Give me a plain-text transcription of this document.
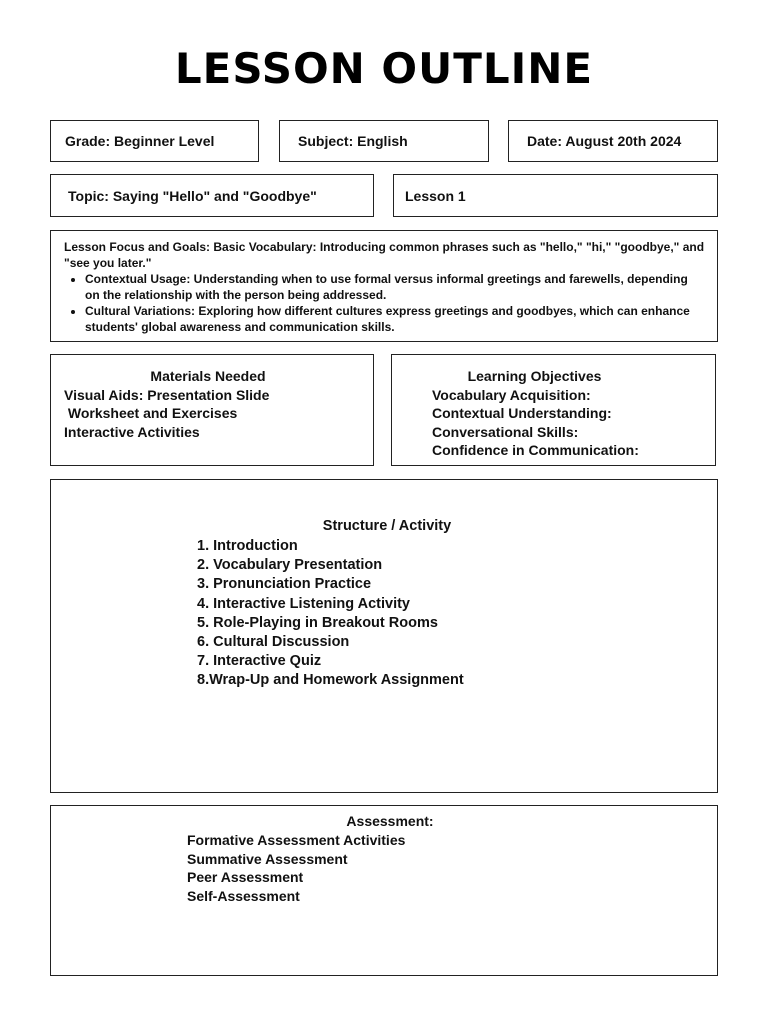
LESSON OUTLINE
Grade: Beginner Level	Subject: English	Date: August 20th 2024
Topic: Saying "Hello" and "Goodbye"	Lesson 1
Lesson Focus and Goals: Basic Vocabulary: Introducing common phrases such as "hello," "hi," "goodbye," and "see you later."
• Contextual Usage: Understanding when to use formal versus informal greetings and farewells, depending on the relationship with the person being addressed.
• Cultural Variations: Exploring how different cultures express greetings and goodbyes, which can enhance students' global awareness and communication skills.
Materials Needed
Visual Aids: Presentation Slide
Worksheet and Exercises
Interactive Activities
Learning Objectives
Vocabulary Acquisition:
Contextual Understanding:
Conversational Skills:
Confidence in Communication:
Structure / Activity
1. Introduction
2. Vocabulary Presentation
3. Pronunciation Practice
4. Interactive Listening Activity
5. Role-Playing in Breakout Rooms
6. Cultural Discussion
7. Interactive Quiz
8.Wrap-Up and Homework Assignment
Assessment:
Formative Assessment Activities
Summative Assessment
Peer Assessment
Self-Assessment
